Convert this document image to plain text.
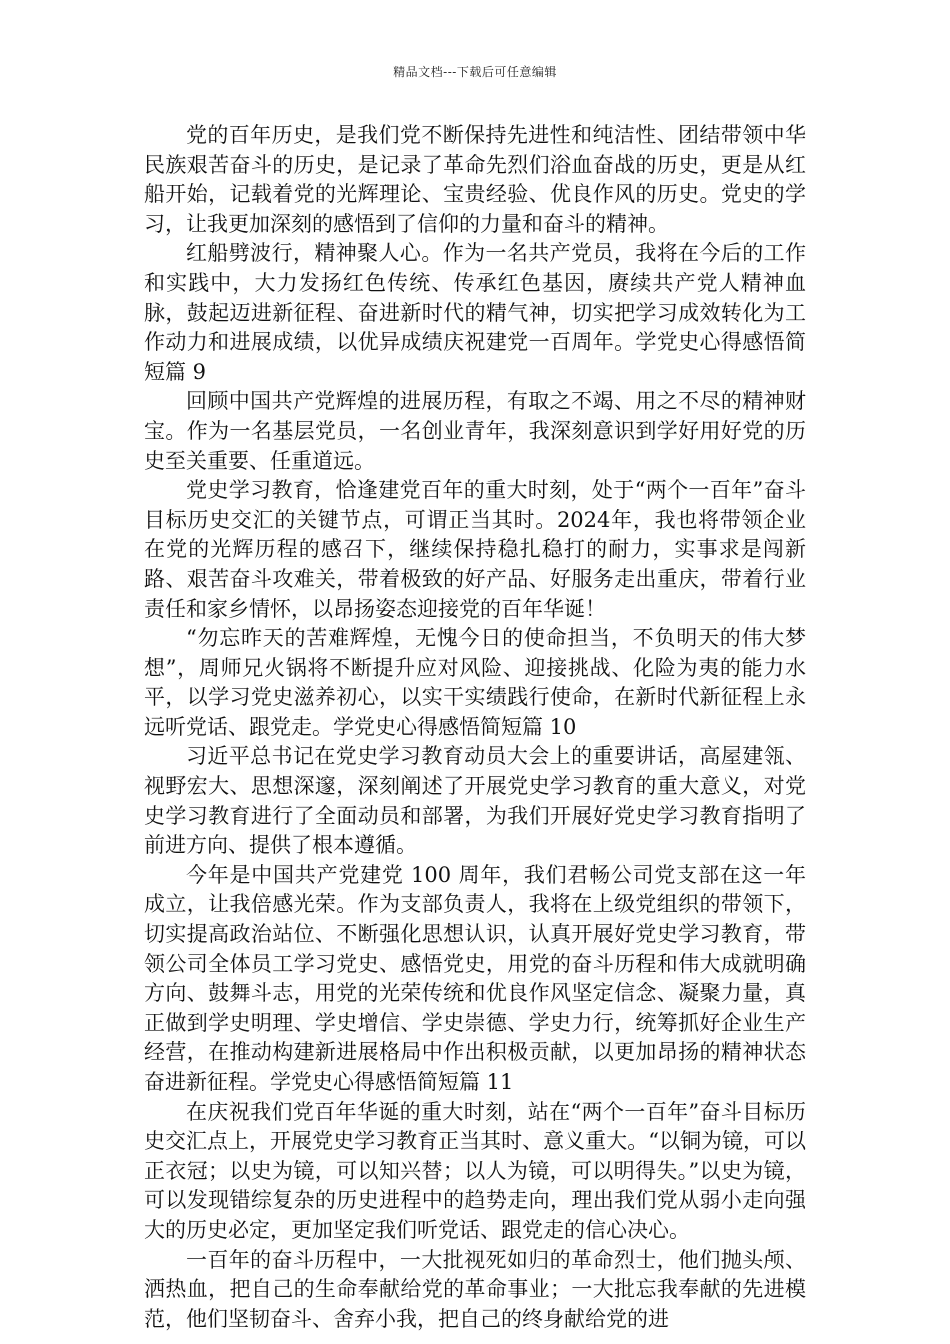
精品文档---下载后可任意编辑

党的百年历史，是我们党不断保持先进性和纯洁性、团结带领中华民族艰苦奋斗的历史，是记录了革命先烈们浴血奋战的历史，更是从红船开始，记载着党的光辉理论、宝贵经验、优良作风的历史。党史的学习，让我更加深刻的感悟到了信仰的力量和奋斗的精神。

红船劈波行，精神聚人心。作为一名共产党员，我将在今后的工作和实践中，大力发扬红色传统、传承红色基因，赓续共产党人精神血脉，鼓起迈进新征程、奋进新时代的精气神，切实把学习成效转化为工作动力和进展成绩，以优异成绩庆祝建党一百周年。学党史心得感悟简短篇 9

回顾中国共产党辉煌的进展历程，有取之不竭、用之不尽的精神财宝。作为一名基层党员，一名创业青年，我深刻意识到学好用好党的历史至关重要、任重道远。

党史学习教育，恰逢建党百年的重大时刻，处于“两个一百年”奋斗目标历史交汇的关键节点，可谓正当其时。2024年，我也将带领企业在党的光辉历程的感召下，继续保持稳扎稳打的耐力，实事求是闯新路、艰苦奋斗攻难关，带着极致的好产品、好服务走出重庆，带着行业责任和家乡情怀，以昂扬姿态迎接党的百年华诞！

“勿忘昨天的苦难辉煌，无愧今日的使命担当，不负明天的伟大梦想”，周师兄火锅将不断提升应对风险、迎接挑战、化险为夷的能力水平，以学习党史滋养初心，以实干实绩践行使命，在新时代新征程上永远听党话、跟党走。学党史心得感悟简短篇 10

习近平总书记在党史学习教育动员大会上的重要讲话，高屋建瓴、视野宏大、思想深邃，深刻阐述了开展党史学习教育的重大意义，对党史学习教育进行了全面动员和部署，为我们开展好党史学习教育指明了前进方向、提供了根本遵循。

今年是中国共产党建党 100 周年，我们君畅公司党支部在这一年成立，让我倍感光荣。作为支部负责人，我将在上级党组织的带领下，切实提高政治站位、不断强化思想认识，认真开展好党史学习教育，带领公司全体员工学习党史、感悟党史，用党的奋斗历程和伟大成就明确方向、鼓舞斗志，用党的光荣传统和优良作风坚定信念、凝聚力量，真正做到学史明理、学史增信、学史崇德、学史力行，统筹抓好企业生产经营，在推动构建新进展格局中作出积极贡献，以更加昂扬的精神状态奋进新征程。学党史心得感悟简短篇 11

在庆祝我们党百年华诞的重大时刻，站在“两个一百年”奋斗目标历史交汇点上，开展党史学习教育正当其时、意义重大。“以铜为镜，可以正衣冠；以史为镜，可以知兴替；以人为镜，可以明得失。”以史为镜，可以发现错综复杂的历史进程中的趋势走向，理出我们党从弱小走向强大的历史必定，更加坚定我们听党话、跟党走的信心决心。

一百年的奋斗历程中，一大批视死如归的革命烈士，他们抛头颅、洒热血，把自己的生命奉献给党的革命事业；一大批忘我奉献的先进模范，他们坚韧奋斗、舍弃小我，把自己的终身献给党的进
